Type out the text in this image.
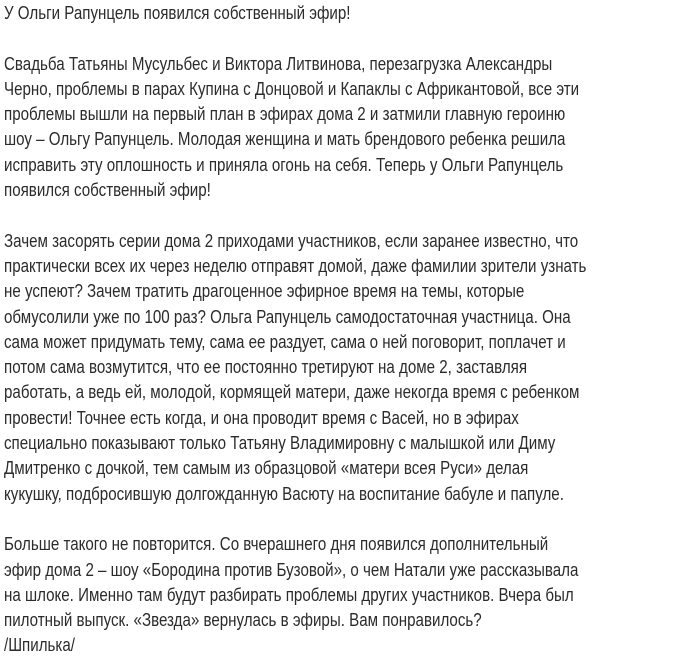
У Ольги Рапунцель появился собственный эфир!
Свадьба Татьяны Мусульбес и Виктора Литвинова, перезагрузка Александры
Черно, проблемы в парах Купина с Донцовой и Капаклы с Африкантовой, все эти
проблемы вышли на первый план в эфирах дома 2 и затмили главную героиню
шоу – Ольгу Рапунцель. Молодая женщина и мать брендового ребенка решила
исправить эту оплошность и приняла огонь на себя. Теперь у Ольги Рапунцель
появился собственный эфир!
Зачем засорять серии дома 2 приходами участников, если заранее известно, что
практически всех их через неделю отправят домой, даже фамилии зрители узнать
не успеют? Зачем тратить драгоценное эфирное время на темы, которые
обмусолили уже по 100 раз? Ольга Рапунцель самодостаточная участница. Она
сама может придумать тему, сама ее раздует, сама о ней поговорит, поплачет и
потом сама возмутится, что ее постоянно третируют на доме 2, заставляя
работать, а ведь ей, молодой, кормящей матери, даже некогда время с ребенком
провести! Точнее есть когда, и она проводит время с Васей, но в эфирах
специально показывают только Татьяну Владимировну с малышкой или Диму
Дмитренко с дочкой, тем самым из образцовой «матери всея Руси» делая
кукушку, подбросившую долгожданную Васюту на воспитание бабуле и папуле.
Больше такого не повторится. Со вчерашнего дня появился дополнительный
эфир дома 2 – шоу «Бородина против Бузовой», о чем Натали уже рассказывала
на шлоке. Именно там будут разбирать проблемы других участников. Вчера был
пилотный выпуск. «Звезда» вернулась в эфиры. Вам понравилось?
/Шпилька/
